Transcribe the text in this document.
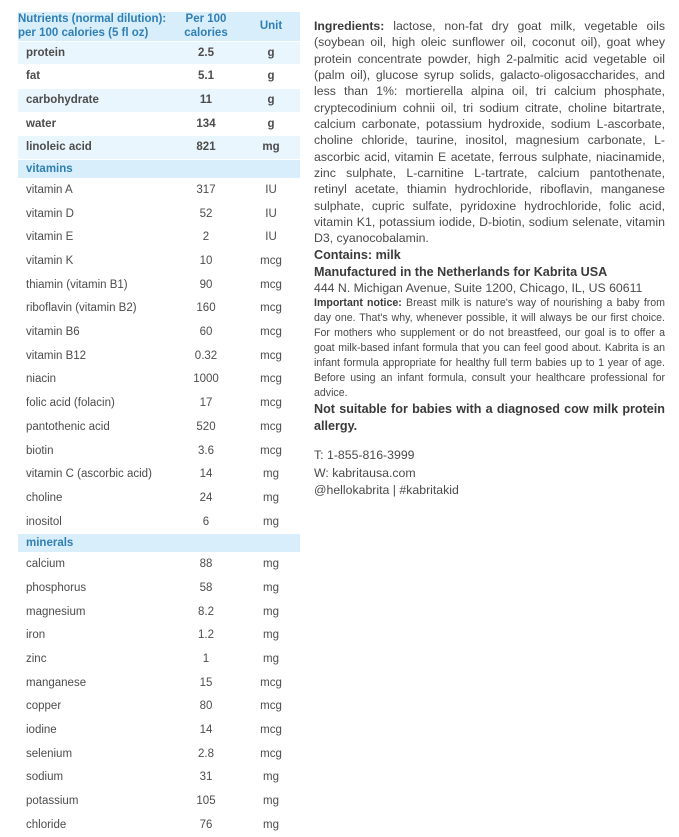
Nutrients (normal dilution): per 100 calories (5 fl oz)	Per 100 calories	Unit
protein	2.5	g
fat	5.1	g
carbohydrate	11	g
water	134	g
linoleic acid	821	mg
vitamins		
vitamin A	317	IU
vitamin D	52	IU
vitamin E	2	IU
vitamin K	10	mcg
thiamin (vitamin B1)	90	mcg
riboflavin (vitamin B2)	160	mcg
vitamin B6	60	mcg
vitamin B12	0.32	mcg
niacin	1000	mcg
folic acid (folacin)	17	mcg
pantothenic acid	520	mcg
biotin	3.6	mcg
vitamin C (ascorbic acid)	14	mg
choline	24	mg
inositol	6	mg
minerals		
calcium	88	mg
phosphorus	58	mg
magnesium	8.2	mg
iron	1.2	mg
zinc	1	mg
manganese	15	mcg
copper	80	mcg
iodine	14	mcg
selenium	2.8	mcg
sodium	31	mg
potassium	105	mg
chloride	76	mg

Ingredients: lactose, non-fat dry goat milk, vegetable oils (soybean oil, high oleic sunflower oil, coconut oil), goat whey protein concentrate powder, high 2-palmitic acid vegetable oil (palm oil), glucose syrup solids, galacto-oligosaccharides, and less than 1%: mortierella alpina oil, tri calcium phosphate, cryptecodinium cohnii oil, tri sodium citrate, choline bitartrate, calcium carbonate, potassium hydroxide, sodium L-ascorbate, choline chloride, taurine, inositol, magnesium carbonate, L-ascorbic acid, vitamin E acetate, ferrous sulphate, niacinamide, zinc sulphate, L-carnitine L-tartrate, calcium pantothenate, retinyl acetate, thiamin hydrochloride, riboflavin, manganese sulphate, cupric sulfate, pyridoxine hydrochloride, folic acid, vitamin K1, potassium iodide, D-biotin, sodium selenate, vitamin D3, cyanocobalamin.

Contains: milk

Manufactured in the Netherlands for Kabrita USA

444 N. Michigan Avenue, Suite 1200, Chicago, IL, US 60611

Important notice: Breast milk is nature's way of nourishing a baby from day one. That's why, whenever possible, it will always be our first choice. For mothers who supplement or do not breastfeed, our goal is to offer a goat milk-based infant formula that you can feel good about. Kabrita is an infant formula appropriate for healthy full term babies up to 1 year of age. Before using an infant formula, consult your healthcare professional for advice.

Not suitable for babies with a diagnosed cow milk protein allergy.

T: 1-855-816-3999
W: kabritausa.com
@hellokabrita | #kabritakid
